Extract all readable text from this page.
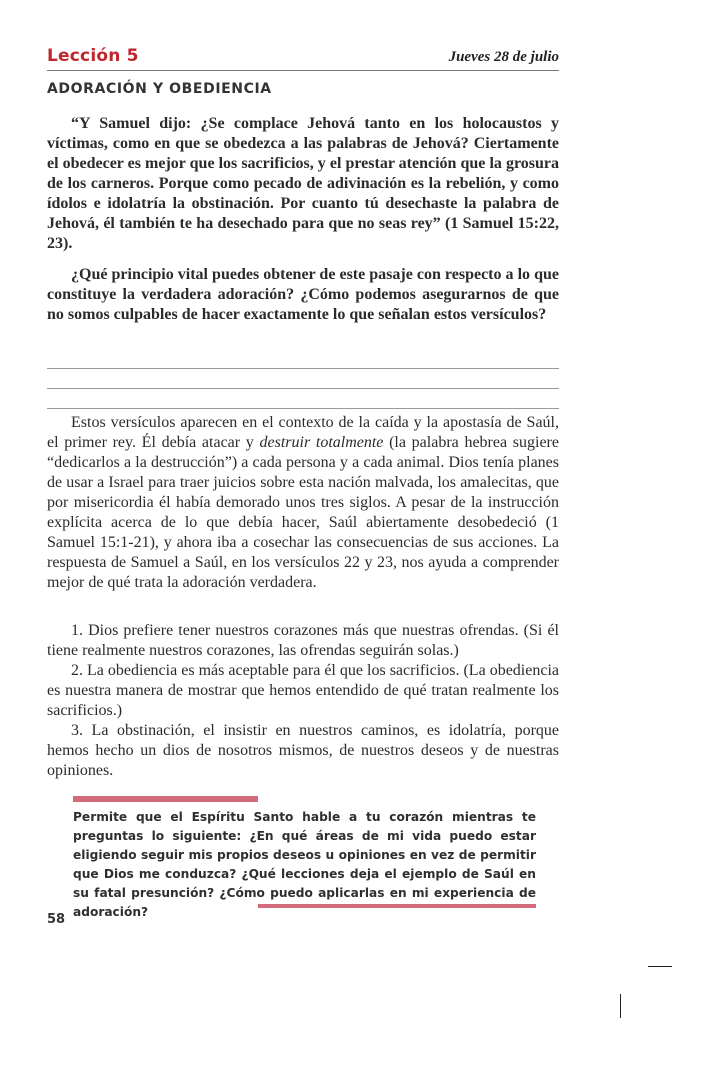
Lección 5	Jueves 28 de julio
ADORACIÓN Y OBEDIENCIA
“Y Samuel dijo: ¿Se complace Jehová tanto en los holocaustos y víctimas, como en que se obedezca a las palabras de Jehová? Ciertamente el obedecer es mejor que los sacrificios, y el prestar atención que la grosura de los carneros. Porque como pecado de adivinación es la rebelión, y como ídolos e idolatría la obstinación. Por cuanto tú desechaste la palabra de Jehová, él también te ha desechado para que no seas rey” (1 Samuel 15:22, 23).
¿Qué principio vital puedes obtener de este pasaje con respecto a lo que constituye la verdadera adoración? ¿Cómo podemos asegurarnos de que no somos culpables de hacer exactamente lo que señalan estos versículos?
Estos versículos aparecen en el contexto de la caída y la apostasía de Saúl, el primer rey. Él debía atacar y destruir totalmente (la palabra hebrea sugiere “dedicarlos a la destrucción”) a cada persona y a cada animal. Dios tenía planes de usar a Israel para traer juicios sobre esta nación malvada, los amalecitas, que por misericordia él había demorado unos tres siglos. A pesar de la instrucción explícita acerca de lo que debía hacer, Saúl abiertamente desobedeció (1 Samuel 15:1-21), y ahora iba a cosechar las consecuencias de sus acciones. La respuesta de Samuel a Saúl, en los versículos 22 y 23, nos ayuda a comprender mejor de qué trata la adoración verdadera.

1. Dios prefiere tener nuestros corazones más que nuestras ofrendas. (Si él tiene realmente nuestros corazones, las ofrendas seguirán solas.)

2. La obediencia es más aceptable para él que los sacrificios. (La obediencia es nuestra manera de mostrar que hemos entendido de qué tratan realmente los sacrificios.)

3. La obstinación, el insistir en nuestros caminos, es idolatría, porque hemos hecho un dios de nosotros mismos, de nuestros deseos y de nuestras opiniones.

Permite que el Espíritu Santo hable a tu corazón mientras te preguntas lo siguiente: ¿En qué áreas de mi vida puedo estar eligiendo seguir mis propios deseos u opiniones en vez de permitir que Dios me conduzca? ¿Qué lecciones deja el ejemplo de Saúl en su fatal presunción? ¿Cómo puedo aplicarlas en mi experiencia de adoración?
58
